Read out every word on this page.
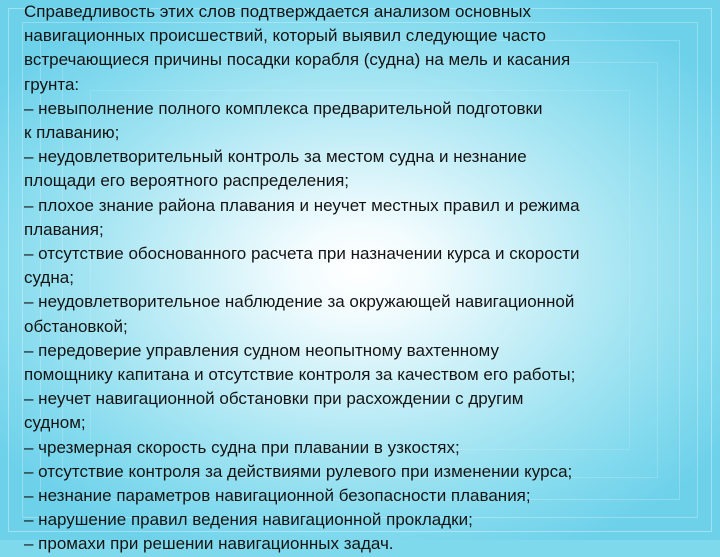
Справедливость этих слов подтверждается анализом основных
навигационных происшествий, который выявил следующие часто
встречающиеся причины посадки корабля (судна) на мель и касания
грунта:
– невыполнение полного комплекса предварительной подготовки
к плаванию;
– неудовлетворительный контроль за местом судна и незнание
площади его вероятного распределения;
– плохое знание района плавания и неучет местных правил и режима
плавания;
– отсутствие обоснованного расчета при назначении курса и скорости
судна;
– неудовлетворительное наблюдение за окружающей навигационной
обстановкой;
– передоверие управления судном неопытному вахтенному
помощнику капитана и отсутствие контроля за качеством его работы;
– неучет навигационной обстановки при расхождении с другим
судном;
– чрезмерная скорость судна при плавании в узкостях;
– отсутствие контроля за действиями рулевого при изменении курса;
– незнание параметров навигационной безопасности плавания;
– нарушение правил ведения навигационной прокладки;
– промахи при решении навигационных задач.
